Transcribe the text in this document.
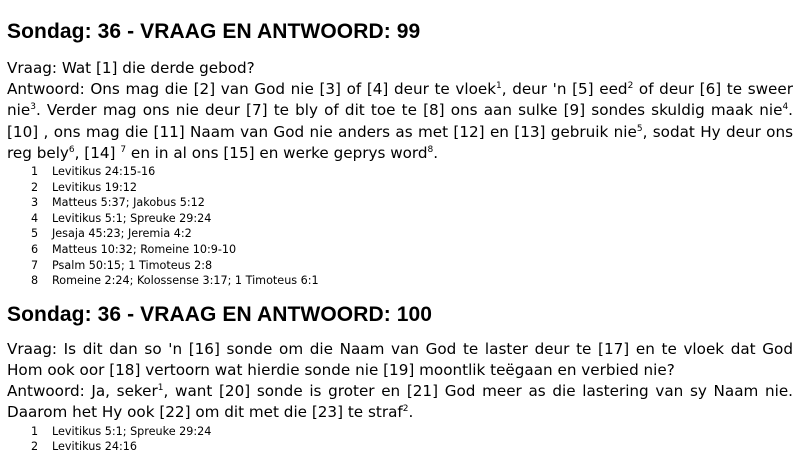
Sondag: 36 - VRAAG EN ANTWOORD: 99
Vraag: Wat [1] die derde gebod?
Antwoord: Ons mag die [2] van God nie [3] of [4] deur te vloek$^1$, deur 'n [5] eed$^2$ of deur [6] te sweer nie$^3$. Verder mag ons nie deur [7] te bly of dit toe te [8] ons aan sulke [9] sondes skuldig maak nie$^4$. [10] , ons mag die [11] Naam van God nie anders as met [12] en [13] gebruik nie$^5$, sodat Hy deur ons reg bely$^6$, [14] $^7$ en in al ons [15] en werke geprys word$^8$.
1	Levitikus 24:15-16
2	Levitikus 19:12
3	Matteus 5:37; Jakobus 5:12
4	Levitikus 5:1; Spreuke 29:24
5	Jesaja 45:23; Jeremia 4:2
6	Matteus 10:32; Romeine 10:9-10
7	Psalm 50:15; 1 Timoteus 2:8
8	Romeine 2:24; Kolossense 3:17; 1 Timoteus 6:1
Sondag: 36 - VRAAG EN ANTWOORD: 100
Vraag: Is dit dan so 'n [16] sonde om die Naam van God te laster deur te [17] en te vloek dat God Hom ook oor [18] vertoorn wat hierdie sonde nie [19] moontlik teëgaan en verbied nie?
Antwoord: Ja, seker$^1$, want [20] sonde is groter en [21] God meer as die lastering van sy Naam nie. Daarom het Hy ook [22] om dit met die [23] te straf$^2$.
1	Levitikus 5:1; Spreuke 29:24
2	Levitikus 24:16
